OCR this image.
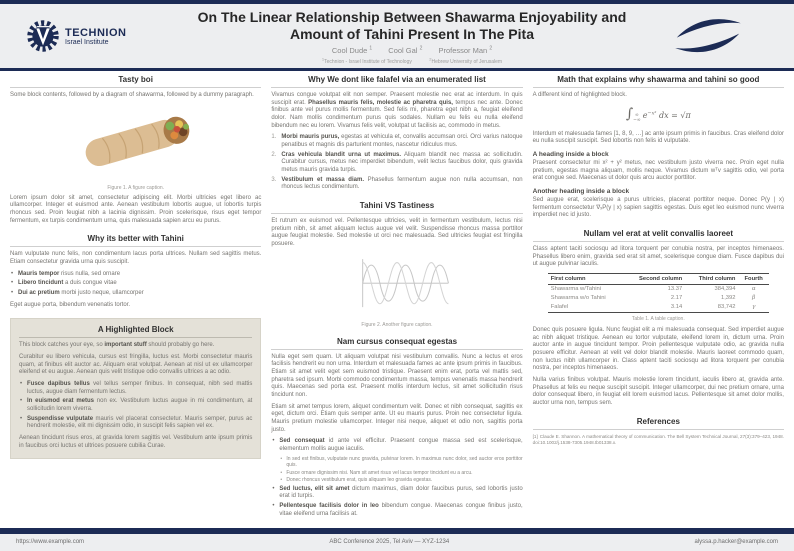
TECHNION
Israel Institute
On The Linear Relationship Between Shawarma Enjoyability and
Amount of Tahini Present In The Pita
Cool Dude $^1$ Cool Gal $^2$ Professor Man $^2$
$^1$Technion - Israel Institute of Technology $^2$Hebrew University of Jerusalem
Tasty boi

Some block contents, followed by a diagram of shawarma, followed by a dummy paragraph.

Figure 1. A figure caption.

Lorem ipsum dolor sit amet, consectetur adipiscing elit. Morbi ultricies eget libero ac ullamcorper. Integer et euismod ante. Aenean vestibulum lobortis augue, ut lobortis turpis rhoncus sed. Proin feugiat nibh a lacinia dignissim. Proin scelerisque, risus eget tempor fermentum, ex turpis condimentum urna, quis malesuada sapien arcu eu purus.

Why its better with Tahini

Nam vulputate nunc felis, non condimentum lacus porta ultrices. Nullam sed sagittis metus. Etiam consectetur gravida urna quis suscipit.

• Mauris tempor risus nulla, sed ornare
• Libero tincidunt a duis congue vitae
• Dui ac pretium morbi justo neque, ullamcorper

Eget augue porta, bibendum venenatis tortor.

A Highlighted Block

This block catches your eye, so important stuff should probably go here.

Curabitur eu libero vehicula, cursus est fringilla, luctus est. Morbi consectetur mauris quam, at finibus elit auctor ac. Aliquam erat volutpat. Aenean at nisl ut ex ullamcorper eleifend et eu augue. Aenean quis velit tristique odio convallis ultrices a ac odio.

• Fusce dapibus tellus vel tellus semper finibus. In consequat, nibh sed mattis luctus, augue diam fermentum lectus.
• In euismod erat metus non ex. Vestibulum luctus augue in mi condimentum, at sollicitudin lorem viverra.
• Suspendisse vulputate mauris vel placerat consectetur. Mauris semper, purus ac hendrerit molestie, elit mi dignissim odio, in suscipit felis sapien vel ex.

Aenean tincidunt risus eros, at gravida lorem sagittis vel. Vestibulum ante ipsum primis in faucibus orci luctus et ultrices posuere cubilia Curae.

Why We dont like falafel via an enumerated list

Vivamus congue volutpat elit non semper. Praesent molestie nec erat ac interdum. In quis suscipit erat. Phasellus mauris felis, molestie ac pharetra quis, tempus nec ante. Donec finibus ante vel purus mollis fermentum. Sed felis mi, pharetra eget nibh a, feugiat eleifend dolor. Nam mollis condimentum purus quis sodales. Nullam eu felis eu nulla eleifend bibendum nec eu lorem. Vivamus felis velit, volutpat ut facilisis ac, commodo in metus.

Morbi mauris purus, egestas at vehicula et, convallis accumsan orci. Orci varius natoque penatibus et magnis dis parturient montes, nascetur ridiculus mus.
Cras vehicula blandit urna ut maximus. Aliquam blandit nec massa ac sollicitudin. Curabitur cursus, metus nec imperdiet bibendum, velit lectus faucibus dolor, quis gravida metus mauris gravida turpis.
Vestibulum et massa diam. Phasellus fermentum augue non nulla accumsan, non rhoncus lectus condimentum.
Tahini VS Tastiness

Et rutrum ex euismod vel. Pellentesque ultricies, velit in fermentum vestibulum, lectus nisi pretium nibh, sit amet aliquam lectus augue vel velit. Suspendisse rhoncus massa porttitor augue feugiat molestie. Sed molestie ut orci nec malesuada. Sed ultricies feugiat est fringilla posuere.

Figure 2. Another figure caption.
Nam cursus consequat egestas

Nulla eget sem quam. Ut aliquam volutpat nisi vestibulum convallis. Nunc a lectus et eros facilisis hendrerit eu non urna. Interdum et malesuada fames ac ante ipsum primis in faucibus. Etiam sit amet velit eget sem euismod tristique. Praesent enim erat, porta vel mattis sed, pharetra sed ipsum. Morbi commodo condimentum massa, tempus venenatis massa hendrerit quis. Maecenas sed porta est. Praesent mollis interdum lectus, sit amet sollicitudin risus tincidunt non.

Etiam sit amet tempus lorem, aliquet condimentum velit. Donec et nibh consequat, sagittis ex eget, dictum orci. Etiam quis semper ante. Ut eu mauris purus. Proin nec consectetur ligula. Mauris pretium molestie ullamcorper. Integer nisi neque, aliquet et odio non, sagittis porta justo.

• Sed consequat id ante vel efficitur. Praesent congue massa sed est scelerisque, elementum mollis augue iaculis.
• In sed est finibus, vulputate nunc gravida, pulvinar lorem. In maximus nunc dolor, sed auctor eros porttitor quis.
• Fusce ornare dignissim nisi. Nam sit amet risus vel lacus tempor tincidunt eu a arcu.
• Donec rhoncus vestibulum erat, quis aliquam leo gravida egestas.
• Sed luctus, elit sit amet dictum maximus, diam dolor faucibus purus, sed lobortis justo erat id turpis.
• Pellentesque facilisis dolor in leo bibendum congue. Maecenas congue finibus justo, vitae eleifend urna facilisis at.
Math that explains why shawarma and tahini so good

A different kind of highlighted block.

∫ ∞
−∞
$e^{-x^2}$ dx = √π

Interdum et malesuada fames [1, 8, 9, …] ac ante ipsum primis in faucibus. Cras eleifend dolor eu nulla suscipit suscipit. Sed lobortis non felis id vulputate.

A heading inside a block

Praesent consectetur mi x² + y² metus, nec vestibulum justo viverra nec. Proin eget nulla pretium, egestas magna aliquam, mollis neque. Vivamus dictum wᵀv sagittis odio, vel porta erat congue sed. Maecenas ut dolor quis arcu auctor porttitor.

Another heading inside a block

Sed augue erat, scelerisque a purus ultricies, placerat porttitor neque. Donec P(y | x) fermentum consectetur ∇ₓP(y | x) sapien sagittis egestas. Duis eget leo euismod nunc viverra imperdiet nec id justo.

Nullam vel erat at velit convallis laoreet

Class aptent taciti sociosqu ad litora torquent per conubia nostra, per inceptos himenaeos. Phasellus libero enim, gravida sed erat sit amet, scelerisque congue diam. Fusce dapibus dui ut augue pulvinar iaculis.

First column	Second column	Third column	Fourth
Shawarma w/Tahini	13.37	384,394	α
Shawarma w/o Tahini	2.17	1,392	β
Falafel	3.14	83,742	γ
Table 1. A table caption.

Donec quis posuere ligula. Nunc feugiat elit a mi malesuada consequat. Sed imperdiet augue ac nibh aliquet tristique. Aenean eu tortor vulputate, eleifend lorem in, dictum urna. Proin auctor ante in augue tincidunt tempor. Proin pellentesque vulputate odio, ac gravida nulla posuere efficitur. Aenean at velit vel dolor blandit molestie. Mauris laoreet commodo quam, non luctus nibh ullamcorper in. Class aptent taciti sociosqu ad litora torquent per conubia nostra, per inceptos himenaeos.

Nulla varius finibus volutpat. Mauris molestie lorem tincidunt, iaculis libero at, gravida ante. Phasellus at felis eu neque suscipit suscipit. Integer ullamcorper, dui nec pretium ornare, urna dolor consequat libero, in feugiat elit lorem euismod lacus. Pellentesque sit amet dolor mollis, auctor urna non, tempus sem.

References

[1] Claude E. Shannon. A mathematical theory of communication. The Bell System Technical Journal, 27(3):379–423, 1948. doi:10.1002/j.1538-7305.1948.tb01338.x.

https://www.example.com	ABC Conference 2025, Tel Aviv — XYZ-1234	alyssa.p.hacker@example.com
